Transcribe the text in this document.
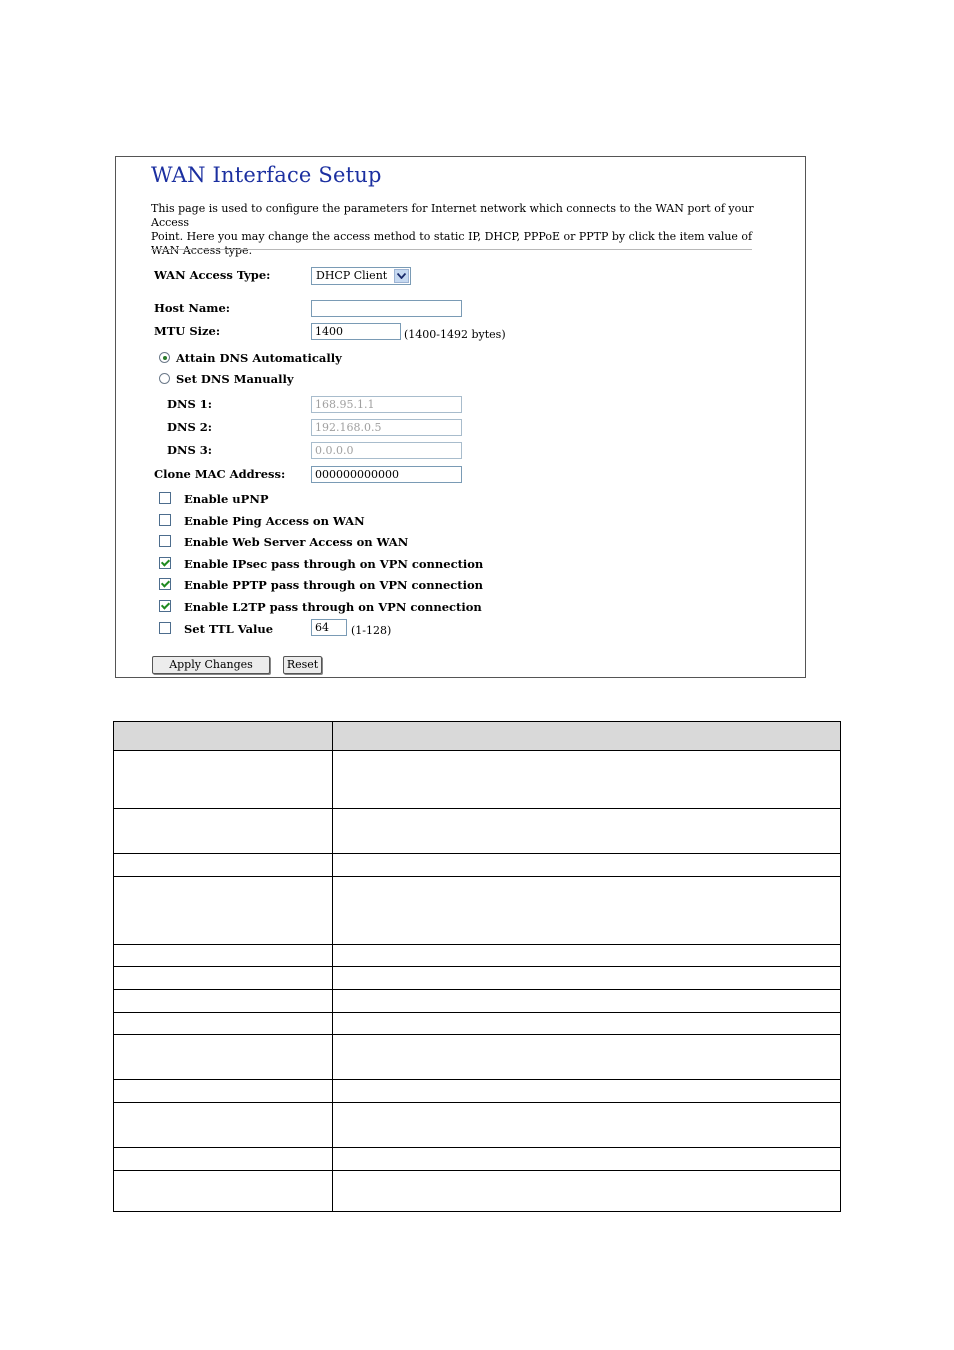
WAN Interface Setup
This page is used to configure the parameters for Internet network which connects to the WAN port of your Access
Point. Here you may change the access method to static IP, DHCP, PPPoE or PPTP by click the item value of
WAN Access type.
WAN Access Type:	DHCP Client
Host Name:
MTU Size:	1400	(1400-1492 bytes)
Attain DNS Automatically
Set DNS Manually
DNS 1:	168.95.1.1
DNS 2:	192.168.0.5
DNS 3:	0.0.0.0
Clone MAC Address:	000000000000
Enable uPNP
Enable Ping Access on WAN
Enable Web Server Access on WAN
Enable IPsec pass through on VPN connection
Enable PPTP pass through on VPN connection
Enable L2TP pass through on VPN connection
Set TTL Value	64	(1-128)
Apply Changes	Reset
